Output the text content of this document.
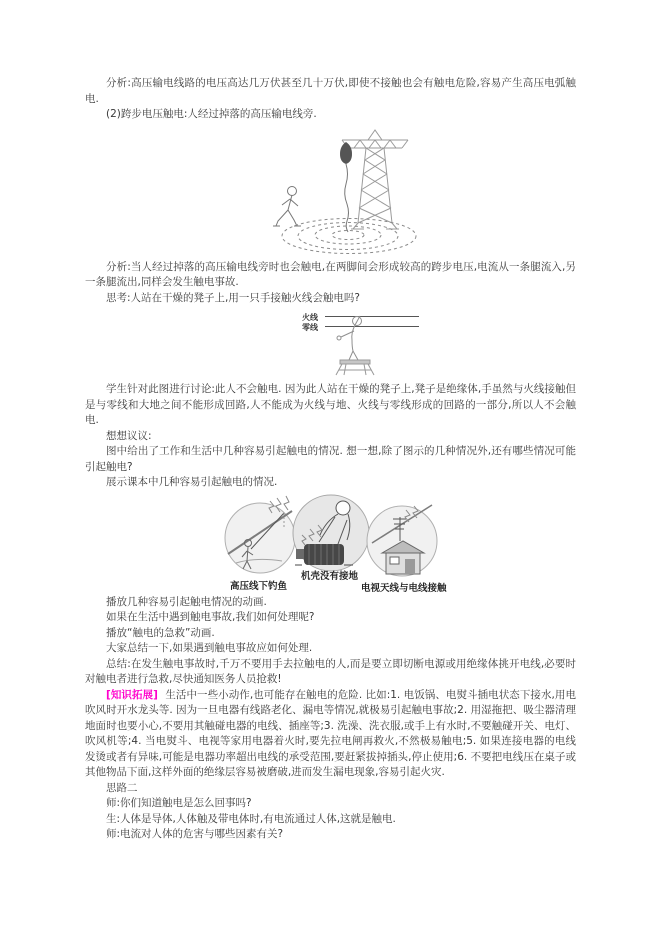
分析:高压输电线路的电压高达几万伏甚至几十万伏,即使不接触也会有触电危险,容易产生高压电弧触电.

(2)跨步电压触电:人经过掉落的高压输电线旁.

分析:当人经过掉落的高压输电线旁时也会触电,在两脚间会形成较高的跨步电压,电流从一条腿流入,另一条腿流出,同样会发生触电事故.

思考:人站在干燥的凳子上,用一只手接触火线会触电吗?

火线
零线

学生针对此图进行讨论:此人不会触电. 因为此人站在干燥的凳子上,凳子是绝缘体,手虽然与火线接触但是与零线和大地之间不能形成回路,人不能成为火线与地、火线与零线形成的回路的一部分,所以人不会触电.

想想议议:

图中给出了工作和生活中几种容易引起触电的情况. 想一想,除了图示的几种情况外,还有哪些情况可能引起触电?

展示课本中几种容易引起触电的情况.

高压线下钓鱼
机壳没有接地
电视天线与电线接触

播放几种容易引起触电情况的动画.

如果在生活中遇到触电事故,我们如何处理呢?

播放“触电的急救”动画.

大家总结一下,如果遇到触电事故应如何处理.

总结:在发生触电事故时,千万不要用手去拉触电的人,而是要立即切断电源或用绝缘体挑开电线,必要时对触电者进行急救,尽快通知医务人员抢救!

[知识拓展] 生活中一些小动作,也可能存在触电的危险. 比如:1. 电饭锅、电熨斗插电状态下接水,用电吹风时开水龙头等. 因为一旦电器有线路老化、漏电等情况,就极易引起触电事故;2. 用湿拖把、吸尘器清理地面时也要小心,不要用其触碰电器的电线、插座等;3. 洗澡、洗衣服,或手上有水时,不要触碰开关、电灯、吹风机等;4. 当电熨斗、电视等家用电器着火时,要先拉电闸再救火,不然极易触电;5. 如果连接电器的电线发烫或者有异味,可能是电器功率超出电线的承受范围,要赶紧拔掉插头,停止使用;6. 不要把电线压在桌子或其他物品下面,这样外面的绝缘层容易被磨破,进而发生漏电现象,容易引起火灾.

思路二

师:你们知道触电是怎么回事吗?

生:人体是导体,人体触及带电体时,有电流通过人体,这就是触电.

师:电流对人体的危害与哪些因素有关?
